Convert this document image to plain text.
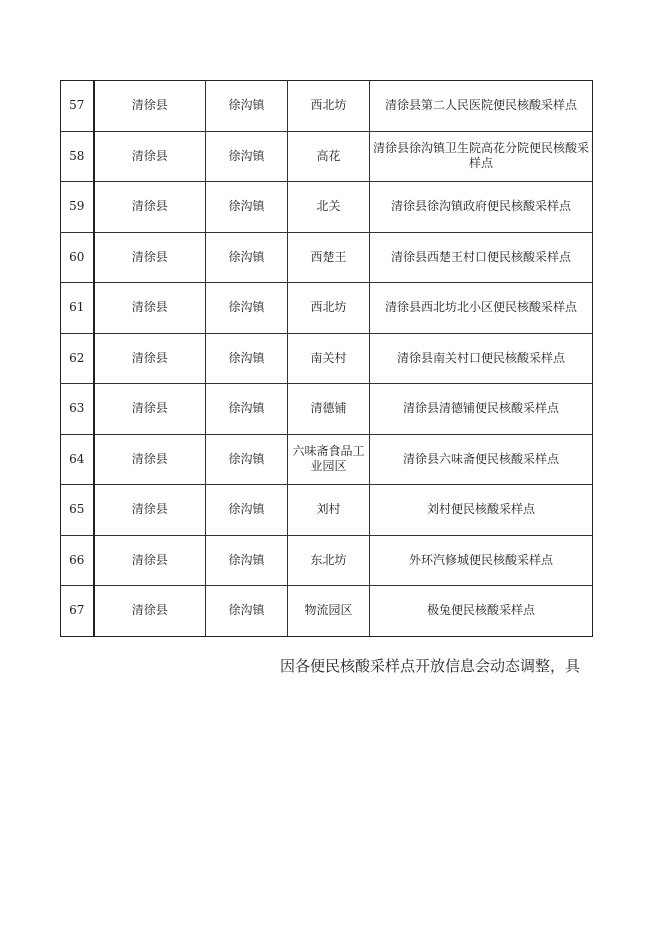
57	清徐县	徐沟镇	西北坊	清徐县第二人民医院便民核酸采样点
58	清徐县	徐沟镇	高花	清徐县徐沟镇卫生院高花分院便民核酸采样点
59	清徐县	徐沟镇	北关	清徐县徐沟镇政府便民核酸采样点
60	清徐县	徐沟镇	西楚王	清徐县西楚王村口便民核酸采样点
61	清徐县	徐沟镇	西北坊	清徐县西北坊北小区便民核酸采样点
62	清徐县	徐沟镇	南关村	清徐县南关村口便民核酸采样点
63	清徐县	徐沟镇	清德铺	清徐县清德铺便民核酸采样点
64	清徐县	徐沟镇	六味斋食品工业园区	清徐县六味斋便民核酸采样点
65	清徐县	徐沟镇	刘村	刘村便民核酸采样点
66	清徐县	徐沟镇	东北坊	外环汽修城便民核酸采样点
67	清徐县	徐沟镇	物流园区	极兔便民核酸采样点
因各便民核酸采样点开放信息会动态调整，具
